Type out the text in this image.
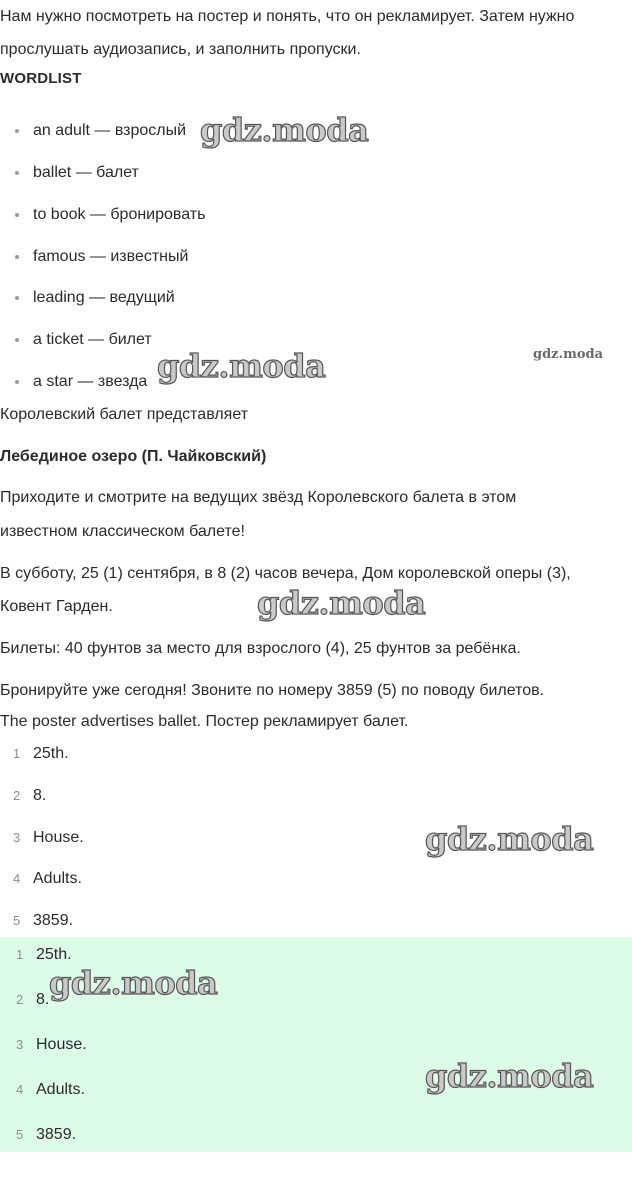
Нам нужно посмотреть на постер и понять, что он рекламирует. Затем нужно

прослушать аудиозапись, и заполнить пропуски.

WORDLIST
an adult — взрослый
ballet — балет
to book — бронировать
famous — известный
leading — ведущий
a ticket — билет
a star — звезда

Королевский балет представляет

Лебединое озеро (П. Чайковский)

Приходите и смотрите на ведущих звёзд Королевского балета в этом

известном классическом балете!

В субботу, 25 (1) сентября, в 8 (2) часов вечера, Дом королевской оперы (3),

Ковент Гарден.

Билеты: 40 фунтов за место для взрослого (4), 25 фунтов за ребёнка.

Бронируйте уже сегодня! Звоните по номеру 3859 (5) по поводу билетов.

The poster advertises ballet. Постер рекламирует балет.

1 25th.
2 8.
3 House.
4 Adults.
5 3859.
1 25th.
2 8.
3 House.
4 Adults.
5 3859.
gdz.moda
gdz.moda	gdz.moda
gdz.moda
gdz.moda
gdz.moda
gdz.moda
